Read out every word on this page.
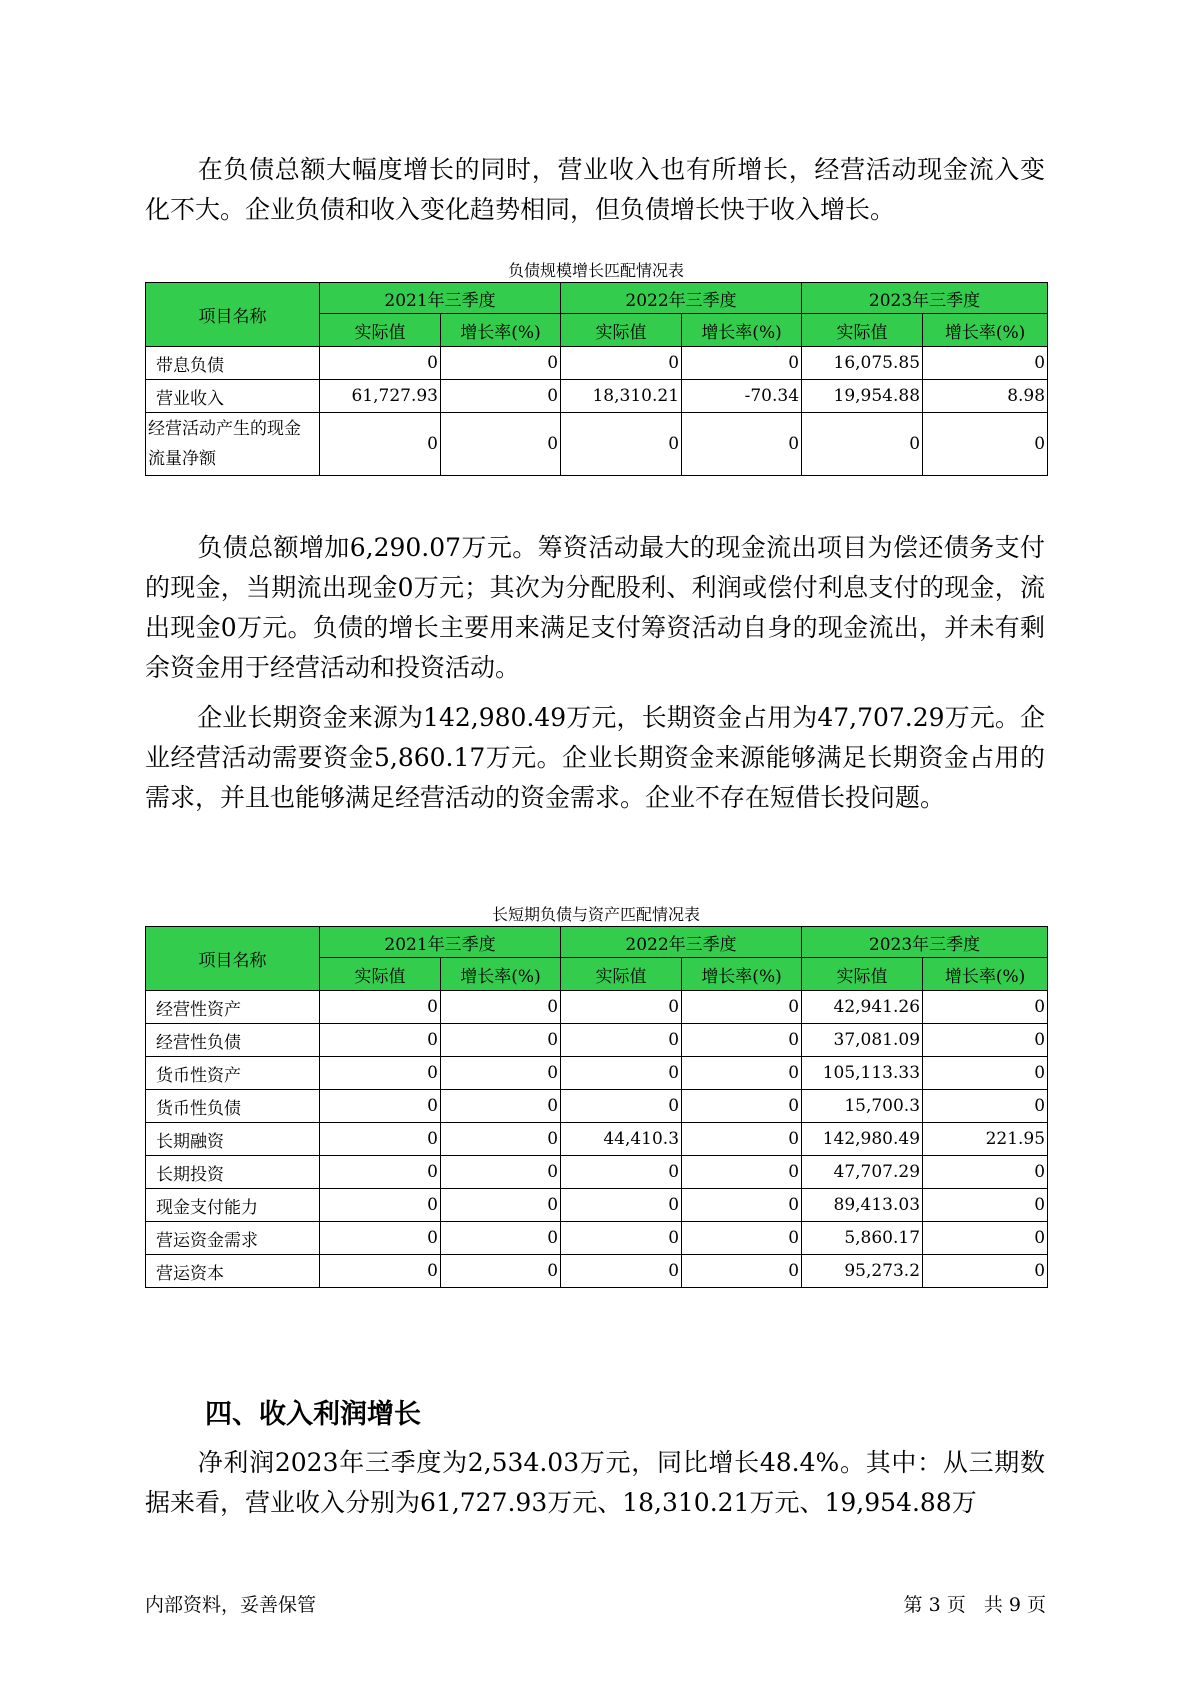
在负债总额大幅度增长的同时，营业收入也有所增长，经营活动现金流入变化不大。企业负债和收入变化趋势相同，但负债增长快于收入增长。

负债规模增长匹配情况表
项目名称	2021年三季度		2022年三季度		2023年三季度	
	实际值	增长率(%)	实际值	增长率(%)	实际值	增长率(%)
带息负债	0	0	0	0	16,075.85	0
营业收入	61,727.93	0	18,310.21	-70.34	19,954.88	8.98
经营活动产生的现金流量净额	0	0	0	0	0	0

负债总额增加6,290.07万元。筹资活动最大的现金流出项目为偿还债务支付的现金，当期流出现金0万元；其次为分配股利、利润或偿付利息支付的现金，流出现金0万元。负债的增长主要用来满足支付筹资活动自身的现金流出，并未有剩余资金用于经营活动和投资活动。

企业长期资金来源为142,980.49万元，长期资金占用为47,707.29万元。企业经营活动需要资金5,860.17万元。企业长期资金来源能够满足长期资金占用的需求，并且也能够满足经营活动的资金需求。企业不存在短借长投问题。

长短期负债与资产匹配情况表
项目名称	2021年三季度		2022年三季度		2023年三季度	
	实际值	增长率(%)	实际值	增长率(%)	实际值	增长率(%)
经营性资产	0	0	0	0	42,941.26	0
经营性负债	0	0	0	0	37,081.09	0
货币性资产	0	0	0	0	105,113.33	0
货币性负债	0	0	0	0	15,700.3	0
长期融资	0	0	44,410.3	0	142,980.49	221.95
长期投资	0	0	0	0	47,707.29	0
现金支付能力	0	0	0	0	89,413.03	0
营运资金需求	0	0	0	0	5,860.17	0
营运资本	0	0	0	0	95,273.2	0
四、收入利润增长

净利润2023年三季度为2,534.03万元，同比增长48.4%。其中：从三期数据来看，营业收入分别为61,727.93万元、18,310.21万元、19,954.88万

内部资料，妥善保管	第 3 页   共 9 页
